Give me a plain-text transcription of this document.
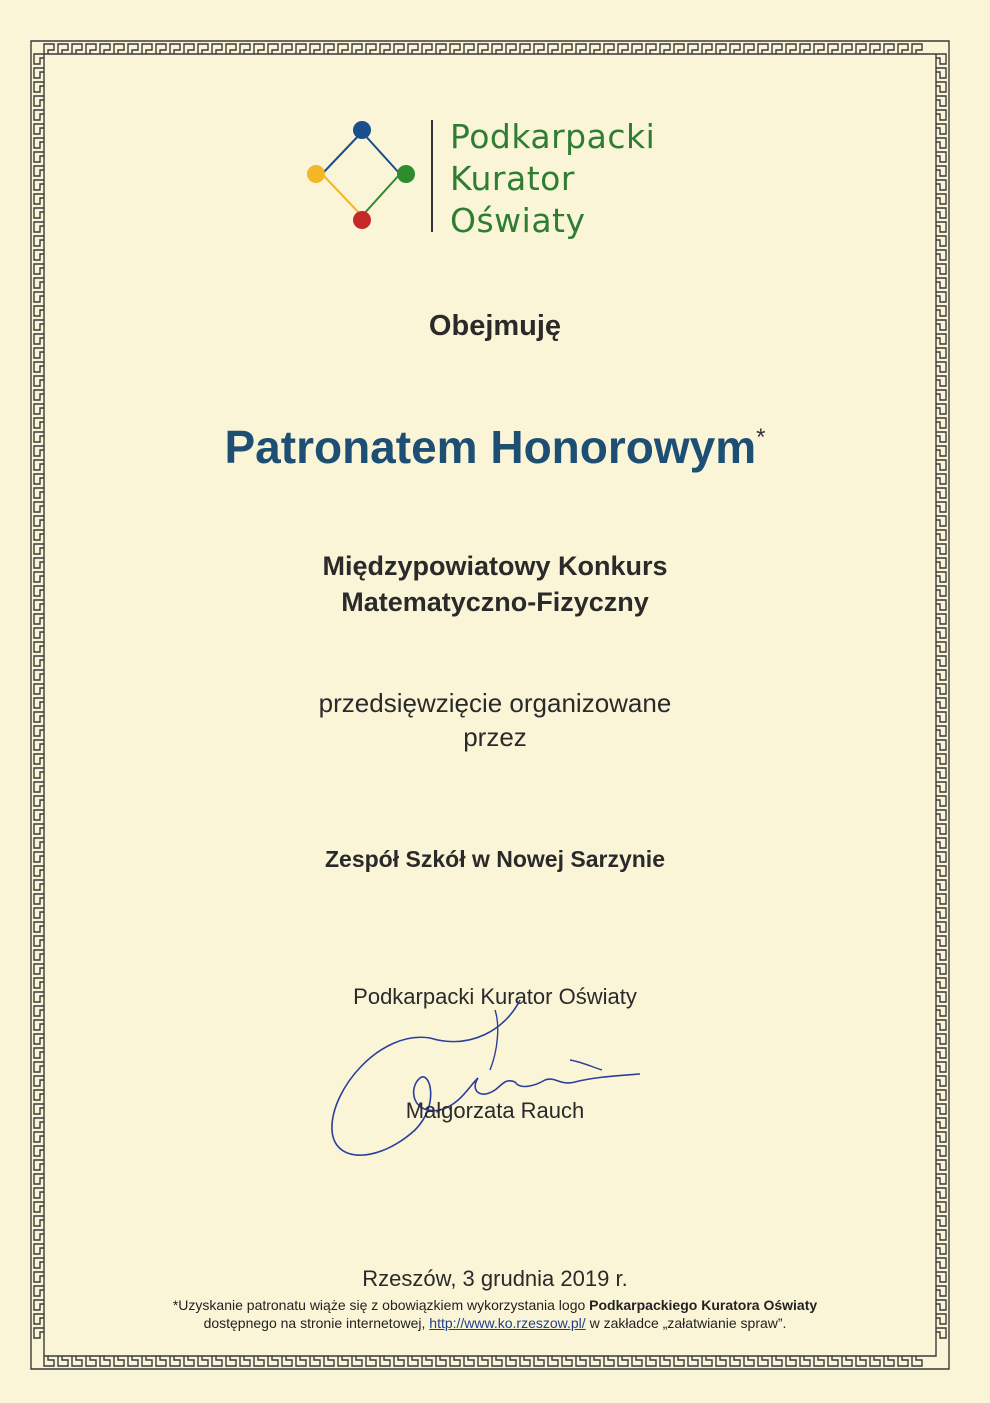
Podkarpacki
Kurator
Oświaty
Obejmuję
Patronatem Honorowym*
Międzypowiatowy Konkurs
Matematyczno-Fizyczny
przedsięwzięcie organizowane
przez
Zespół Szkół w Nowej Sarzynie
Podkarpacki Kurator Oświaty
Małgorzata Rauch
Rzeszów, 3 grudnia 2019 r.
*Uzyskanie patronatu wiąże się z obowiązkiem wykorzystania logo Podkarpackiego Kuratora Oświaty
dostępnego na stronie internetowej, http://www.ko.rzeszow.pl/ w zakładce „załatwianie spraw”.
